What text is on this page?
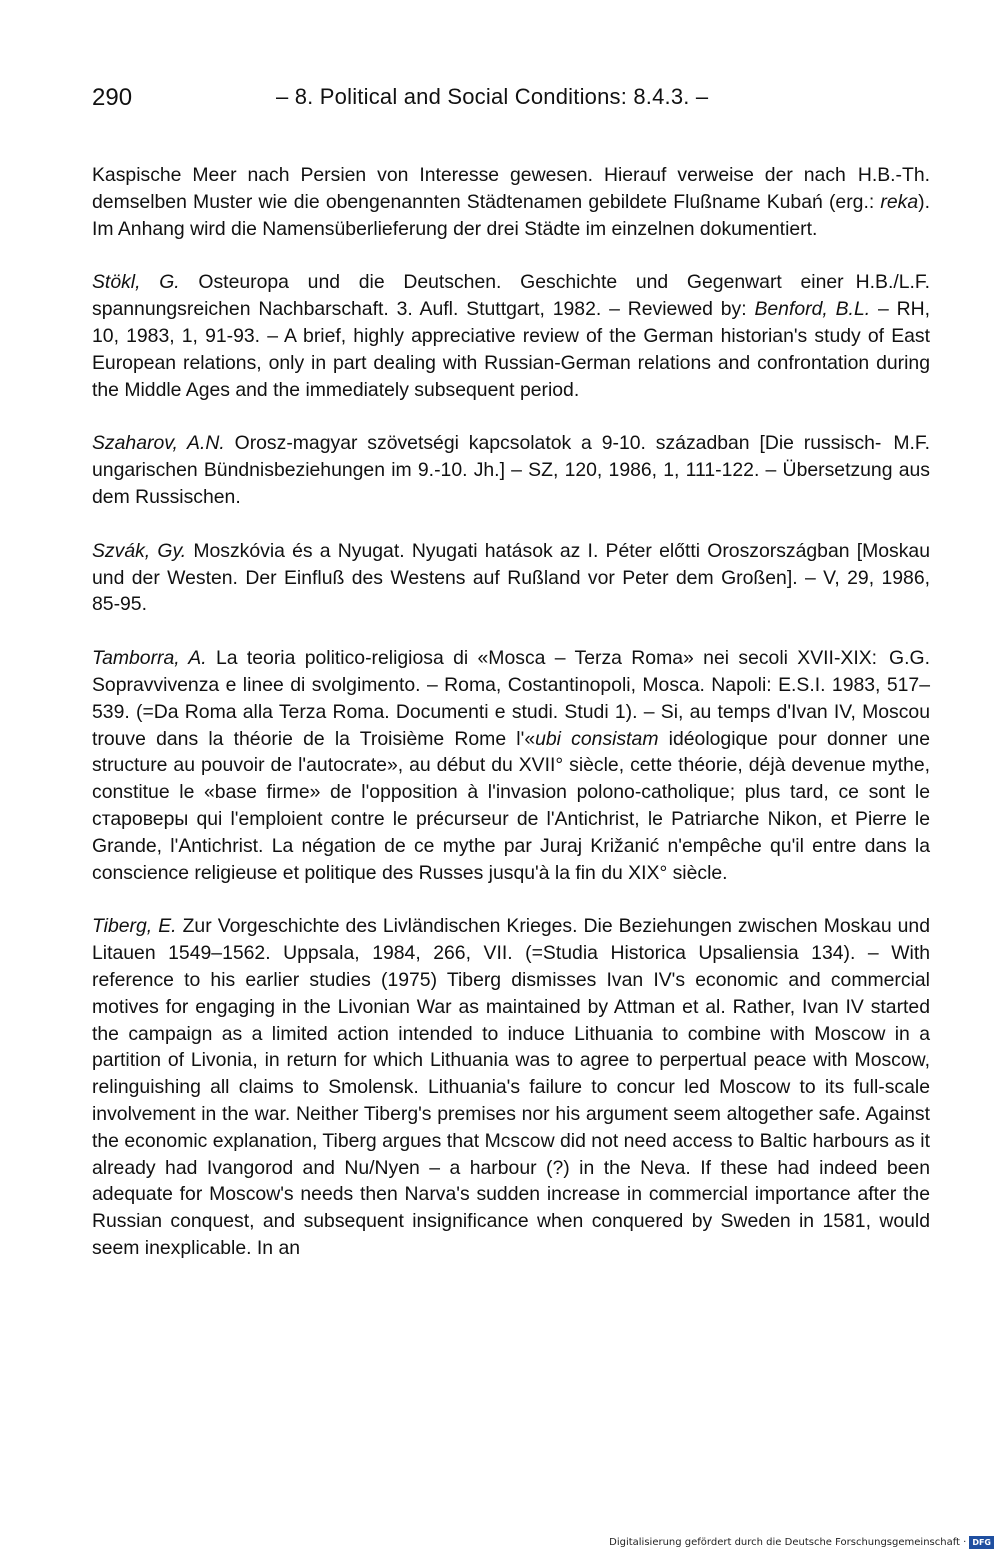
290	– 8. Political and Social Conditions: 8.4.3. –

H.B.-Th.
Kaspische Meer nach Persien von Interesse gewesen. Hierauf verweise der nach demselben Muster wie die obengenannten Städtenamen gebildete Flußname Kubań (erg.: reka). Im Anhang wird die Namensüberlieferung der drei Städte im einzelnen dokumentiert.

H.B./L.F.
Stökl, G. Osteuropa und die Deutschen. Geschichte und Gegenwart einer spannungsreichen Nachbarschaft. 3. Aufl. Stuttgart, 1982. – Reviewed by: Benford, B.L. – RH, 10, 1983, 1, 91-93. – A brief, highly appreciative review of the German historian's study of East European relations, only in part dealing with Russian-German relations and confrontation during the Middle Ages and the immediately subsequent period.

M.F.
Szaharov, A.N. Orosz-magyar szövetségi kapcsolatok a 9-10. században [Die russisch-ungarischen Bündnisbeziehungen im 9.-10. Jh.] – SZ, 120, 1986, 1, 111-122. – Übersetzung aus dem Russischen.

Szvák, Gy. Moszkóvia és a Nyugat. Nyugati hatások az I. Péter előtti Oroszországban [Moskau und der Westen. Der Einfluß des Westens auf Rußland vor Peter dem Großen]. – V, 29, 1986, 85-95.

G.G.
Tamborra, A. La teoria politico-religiosa di «Mosca – Terza Roma» nei secoli XVII-XIX: Sopravvivenza e linee di svolgimento. – Roma, Costantinopoli, Mosca. Napoli: E.S.I. 1983, 517–539. (=Da Roma alla Terza Roma. Documenti e studi. Studi 1). – Si, au temps d'Ivan IV, Moscou trouve dans la théorie de la Troisième Rome l'«ubi consistam idéologique pour donner une structure au pouvoir de l'autocrate», au début du XVII° siècle, cette théorie, déjà devenue mythe, constitue le «base firme» de l'opposition à l'invasion polono-catholique; plus tard, ce sont le староверы qui l'emploient contre le précurseur de l'Antichrist, le Patriarche Nikon, et Pierre le Grande, l'Antichrist. La négation de ce mythe par Juraj Križanić n'empêche qu'il entre dans la conscience religieuse et politique des Russes jusqu'à la fin du XIX° siècle.

Tiberg, E. Zur Vorgeschichte des Livländischen Krieges. Die Beziehungen zwischen Moskau und Litauen 1549–1562. Uppsala, 1984, 266, VII. (=Studia Historica Upsaliensia 134). – With reference to his earlier studies (1975) Tiberg dismisses Ivan IV's economic and commercial motives for engaging in the Livonian War as maintained by Attman et al. Rather, Ivan IV started the campaign as a limited action intended to induce Lithuania to combine with Moscow in a partition of Livonia, in return for which Lithuania was to agree to perpertual peace with Moscow, relinguishing all claims to Smolensk. Lithuania's failure to concur led Moscow to its full-scale involvement in the war. Neither Tiberg's premises nor his argument seem altogether safe. Against the economic explanation, Tiberg argues that Mcscow did not need access to Baltic harbours as it already had Ivangorod and Nu/Nyen – a harbour (?) in the Neva. If these had indeed been adequate for Moscow's needs then Narva's sudden increase in commercial importance after the Russian conquest, and subsequent insignificance when conquered by Sweden in 1581, would seem inexplicable. In an

Digitalisierung gefördert durch die Deutsche Forschungsgemeinschaft · DFG
